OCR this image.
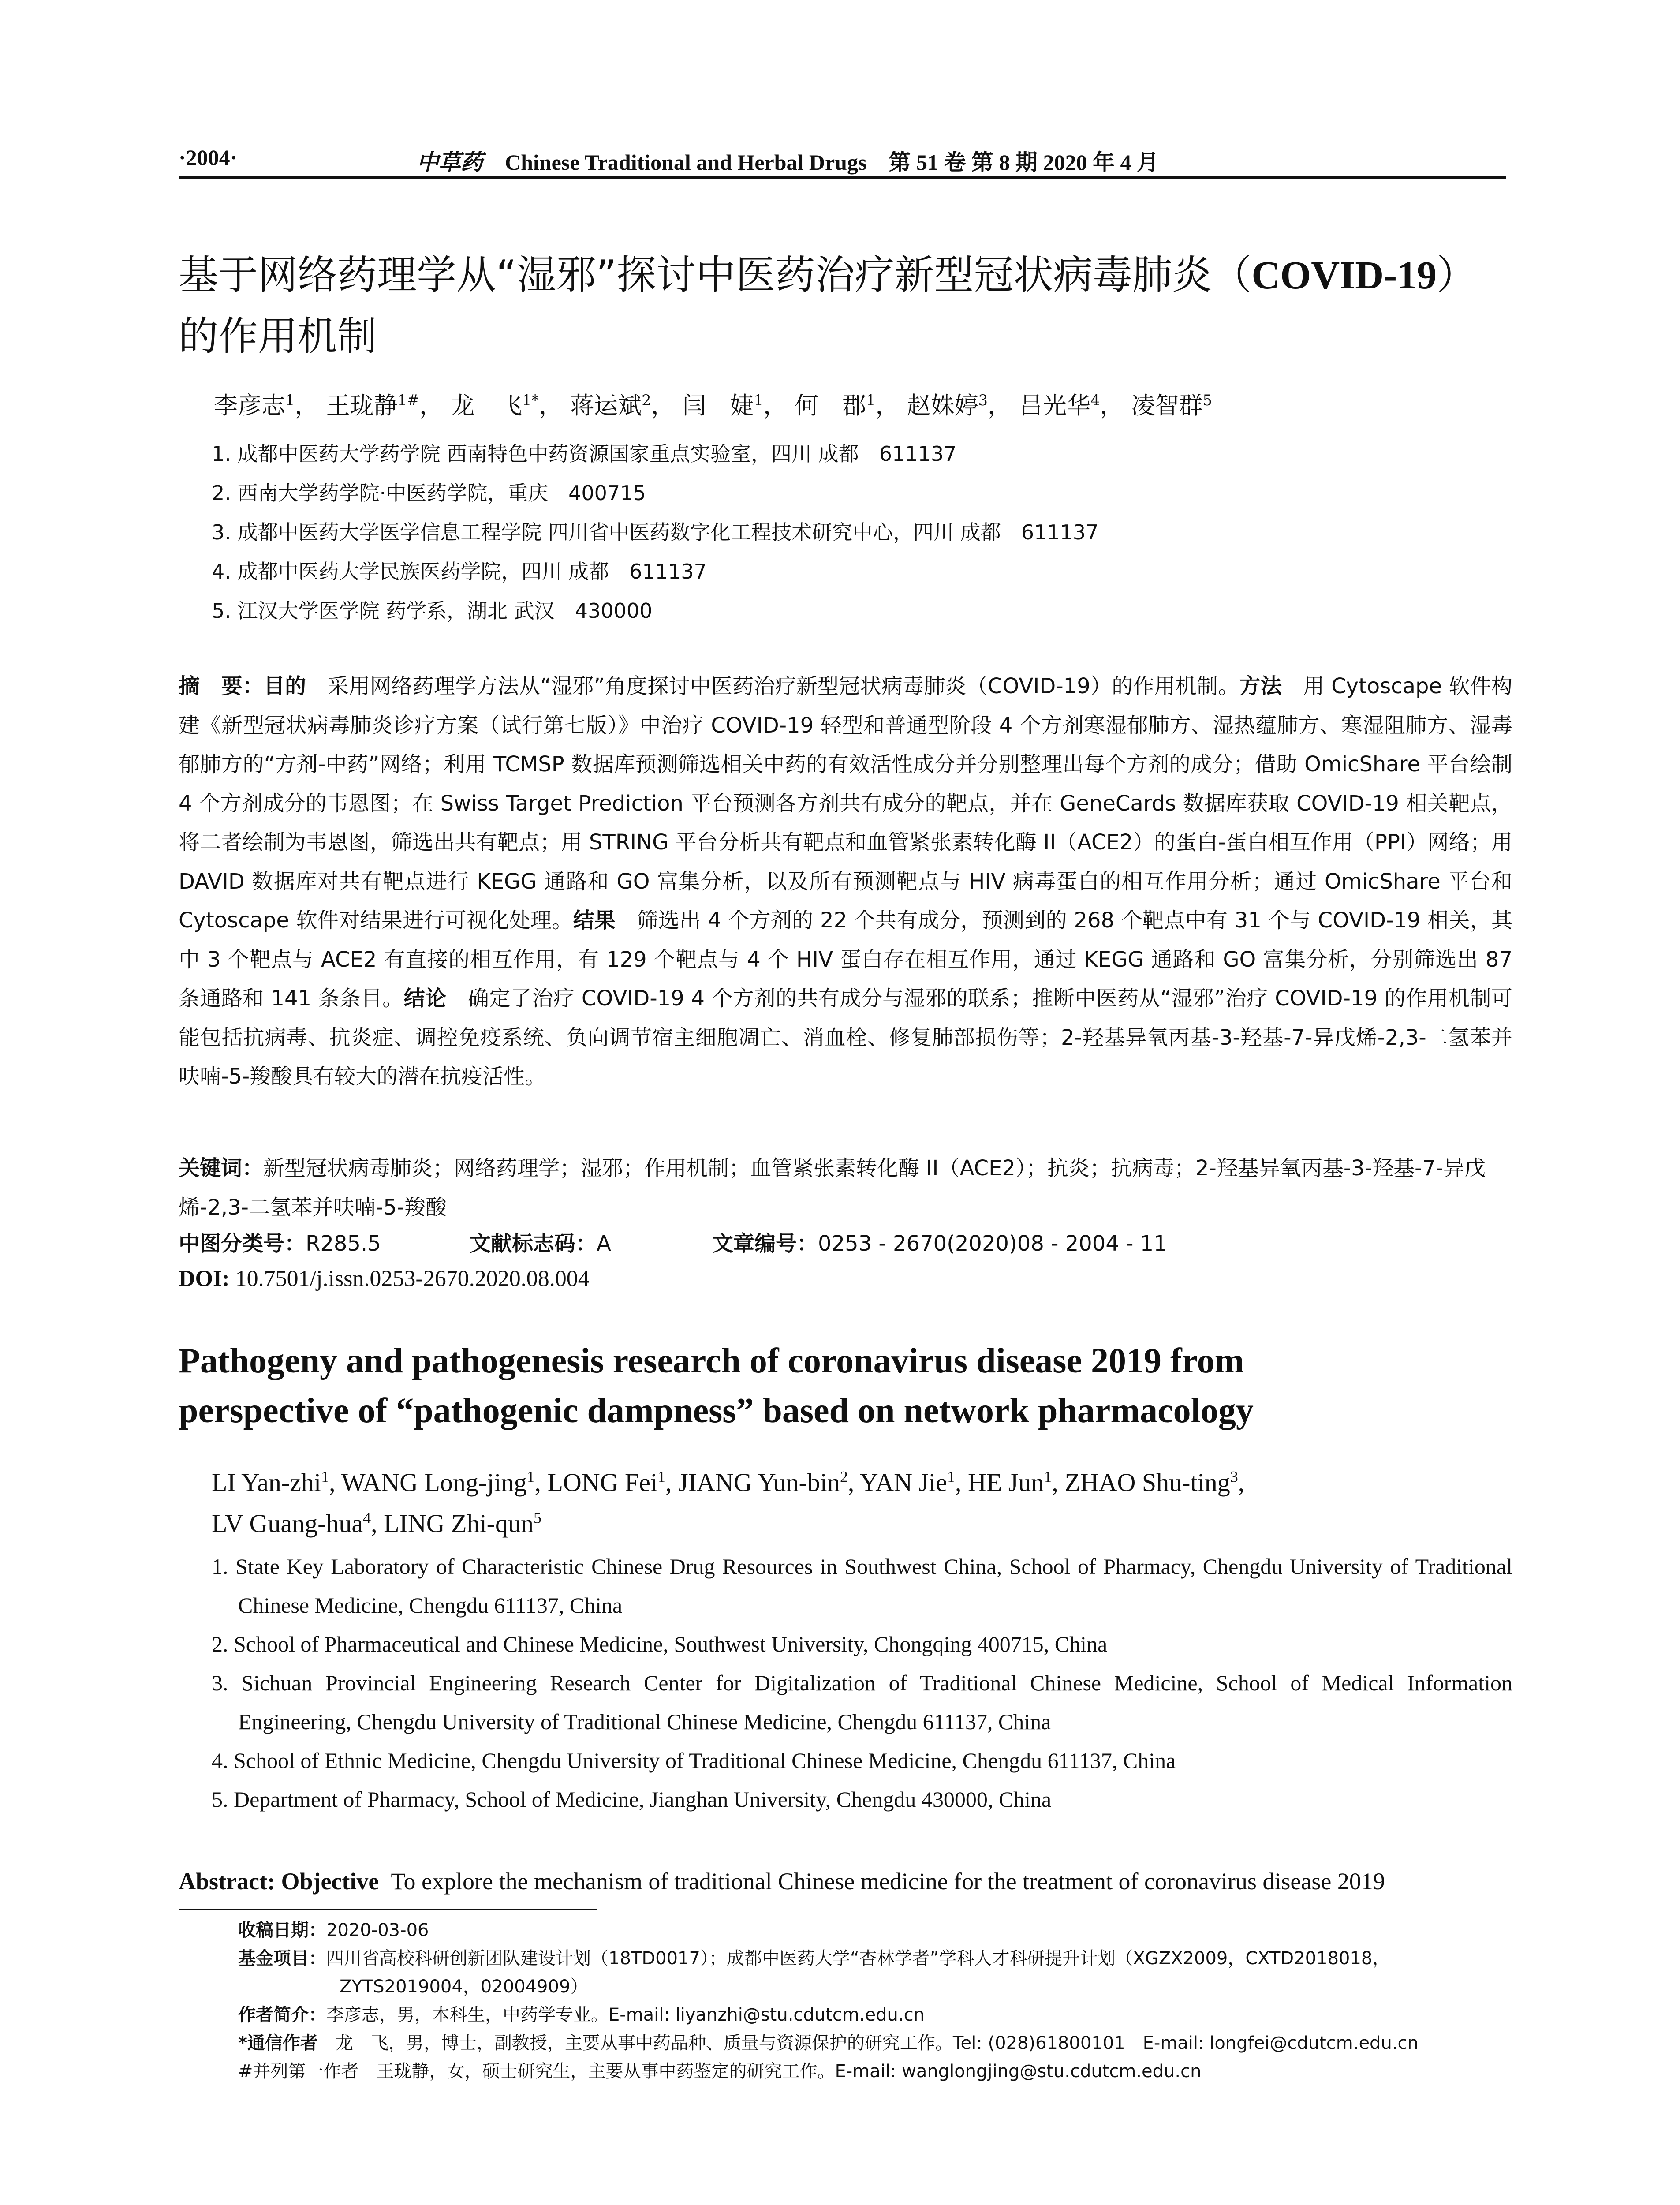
·2004·	中草药 Chinese Traditional and Herbal Drugs　第 51 卷 第 8 期 2020 年 4 月
基于网络药理学从“湿邪”探讨中医药治疗新型冠状病毒肺炎（COVID-19）
的作用机制
李彦志$^1$， 王珑静$^{1\#}$， 龙　飞$^{1*}$， 蒋运斌$^2$， 闫　婕$^1$， 何　郡$^1$， 赵姝婷$^3$， 吕光华$^4$， 凌智群$^5$
1. 成都中医药大学药学院 西南特色中药资源国家重点实验室，四川 成都　611137
2. 西南大学药学院·中医药学院，重庆　400715
3. 成都中医药大学医学信息工程学院 四川省中医药数字化工程技术研究中心，四川 成都　611137
4. 成都中医药大学民族医药学院，四川 成都　611137
5. 江汉大学医学院 药学系，湖北 武汉　430000
摘　要：目的　 采用网络药理学方法从“湿邪”角度探讨中医药治疗新型冠状病毒肺炎（COVID-19）的作用机制。方法　 用 Cytoscape 软件构建《新型冠状病毒肺炎诊疗方案（试行第七版）》中治疗 COVID-19 轻型和普通型阶段 4 个方剂寒湿郁肺方、湿热蕴肺方、寒湿阻肺方、湿毒郁肺方的“方剂-中药”网络；利用 TCMSP 数据库预测筛选相关中药的有效活性成分并分别整理出每个方剂的成分；借助 OmicShare 平台绘制 4 个方剂成分的韦恩图；在 Swiss Target Prediction 平台预测各方剂共有成分的靶点，并在 GeneCards 数据库获取 COVID-19 相关靶点，将二者绘制为韦恩图，筛选出共有靶点；用 STRING 平台分析共有靶点和血管紧张素转化酶 II（ACE2）的蛋白-蛋白相互作用（PPI）网络；用 DAVID 数据库对共有靶点进行 KEGG 通路和 GO 富集分析，以及所有预测靶点与 HIV 病毒蛋白的相互作用分析；通过 OmicShare 平台和 Cytoscape 软件对结果进行可视化处理。结果　 筛选出 4 个方剂的 22 个共有成分，预测到的 268 个靶点中有 31 个与 COVID-19 相关，其中 3 个靶点与 ACE2 有直接的相互作用，有 129 个靶点与 4 个 HIV 蛋白存在相互作用，通过 KEGG 通路和 GO 富集分析，分别筛选出 87 条通路和 141 条条目。结论　 确定了治疗 COVID-19 4 个方剂的共有成分与湿邪的联系；推断中医药从“湿邪”治疗 COVID-19 的作用机制可能包括抗病毒、抗炎症、调控免疫系统、负向调节宿主细胞凋亡、消血栓、修复肺部损伤等；2-羟基异氧丙基-3-羟基-7-异戊烯-2,3-二氢苯并呋喃-5-羧酸具有较大的潜在抗疫活性。
关键词：新型冠状病毒肺炎；网络药理学；湿邪；作用机制；血管紧张素转化酶 II（ACE2）；抗炎；抗病毒；2-羟基异氧丙基-3-羟基-7-异戊烯-2,3-二氢苯并呋喃-5-羧酸
中图分类号： R285.5	文献标志码： A	文章编号： 0253 - 2670(2020)08 - 2004 - 11
DOI: 10.7501/j.issn.0253-2670.2020.08.004
Pathogeny and pathogenesis research of coronavirus disease 2019 from
perspective of “pathogenic dampness” based on network pharmacology
LI Yan-zhi$^1$, WANG Long-jing$^1$, LONG Fei$^1$, JIANG Yun-bin$^2$, YAN Jie$^1$, HE Jun$^1$, ZHAO Shu-ting$^3$,
LV Guang-hua$^4$, LING Zhi-qun$^5$
1. State Key Laboratory of Characteristic Chinese Drug Resources in Southwest China, School of Pharmacy, Chengdu University of Traditional Chinese Medicine, Chengdu 611137, China
2. School of Pharmaceutical and Chinese Medicine, Southwest University, Chongqing 400715, China
3. Sichuan Provincial Engineering Research Center for Digitalization of Traditional Chinese Medicine, School of Medical Information Engineering, Chengdu University of Traditional Chinese Medicine, Chengdu 611137, China
4. School of Ethnic Medicine, Chengdu University of Traditional Chinese Medicine, Chengdu 611137, China
5. Department of Pharmacy, School of Medicine, Jianghan University, Chengdu 430000, China
Abstract: Objective To explore the mechanism of traditional Chinese medicine for the treatment of coronavirus disease 2019
收稿日期：2020-03-06
基金项目：四川省高校科研创新团队建设计划（18TD0017）；成都中医药大学“杏林学者”学科人才科研提升计划（XGZX2009，CXTD2018018，
ZYTS2019004，02004909）
作者简介：李彦志，男，本科生，中药学专业。E-mail: liyanzhi@stu.cdutcm.edu.cn
*通信作者　龙　飞，男，博士，副教授，主要从事中药品种、质量与资源保护的研究工作。Tel: (028)61800101　E-mail: longfei@cdutcm.edu.cn
#并列第一作者　王珑静，女，硕士研究生，主要从事中药鉴定的研究工作。E-mail: wanglongjing@stu.cdutcm.edu.cn
